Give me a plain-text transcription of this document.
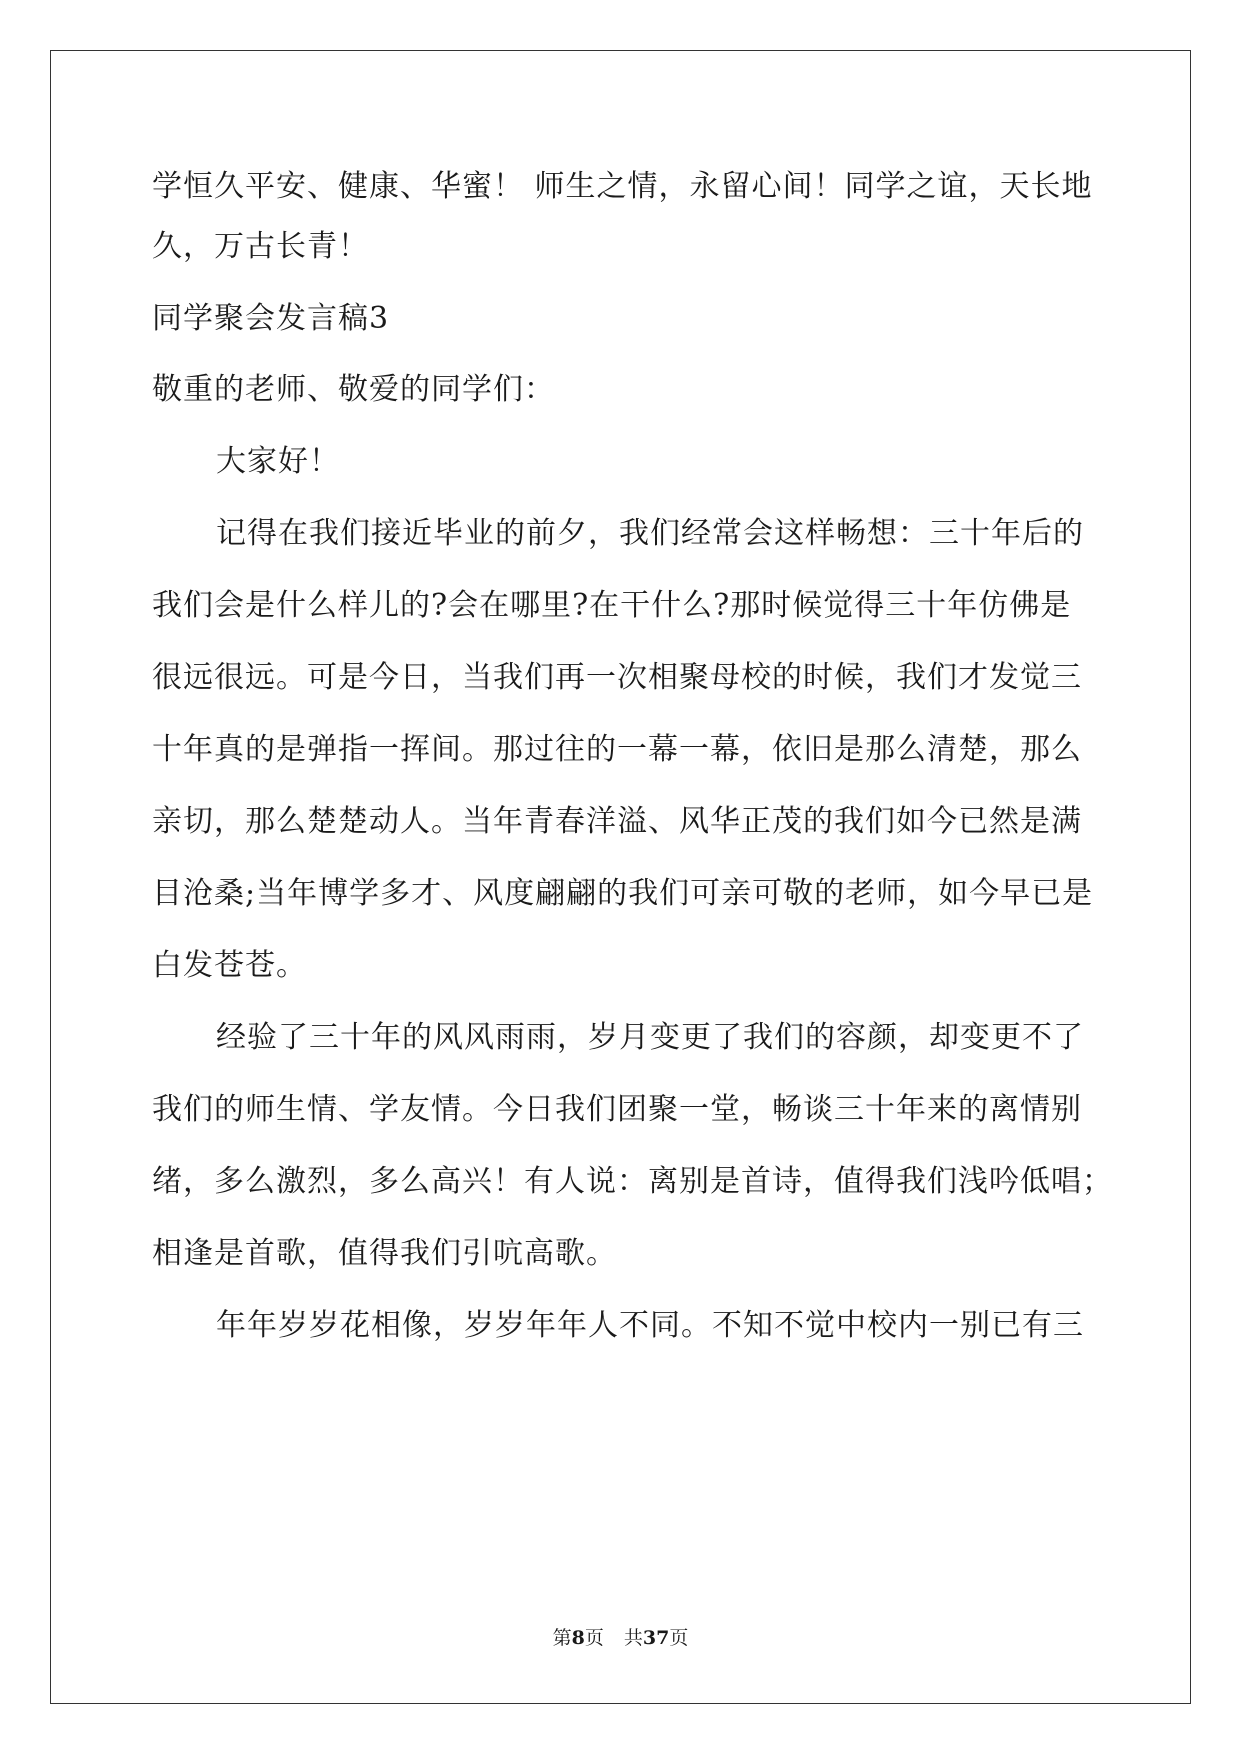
学恒久平安、健康、华蜜！ 师生之情，永留心间！同学之谊，天长地

久，万古长青！

同学聚会发言稿3

敬重的老师、敬爱的同学们：

大家好！

记得在我们接近毕业的前夕，我们经常会这样畅想：三十年后的

我们会是什么样儿的?会在哪里?在干什么?那时候觉得三十年仿佛是

很远很远。可是今日，当我们再一次相聚母校的时候，我们才发觉三

十年真的是弹指一挥间。那过往的一幕一幕，依旧是那么清楚，那么

亲切，那么楚楚动人。当年青春洋溢、风华正茂的我们如今已然是满

目沧桑;当年博学多才、风度翩翩的我们可亲可敬的老师，如今早已是

白发苍苍。

经验了三十年的风风雨雨，岁月变更了我们的容颜，却变更不了

我们的师生情、学友情。今日我们团聚一堂，畅谈三十年来的离情别

绪，多么激烈，多么高兴！有人说：离别是首诗，值得我们浅吟低唱；

相逢是首歌，值得我们引吭高歌。

年年岁岁花相像，岁岁年年人不同。不知不觉中校内一别已有三

第8页 共37页
